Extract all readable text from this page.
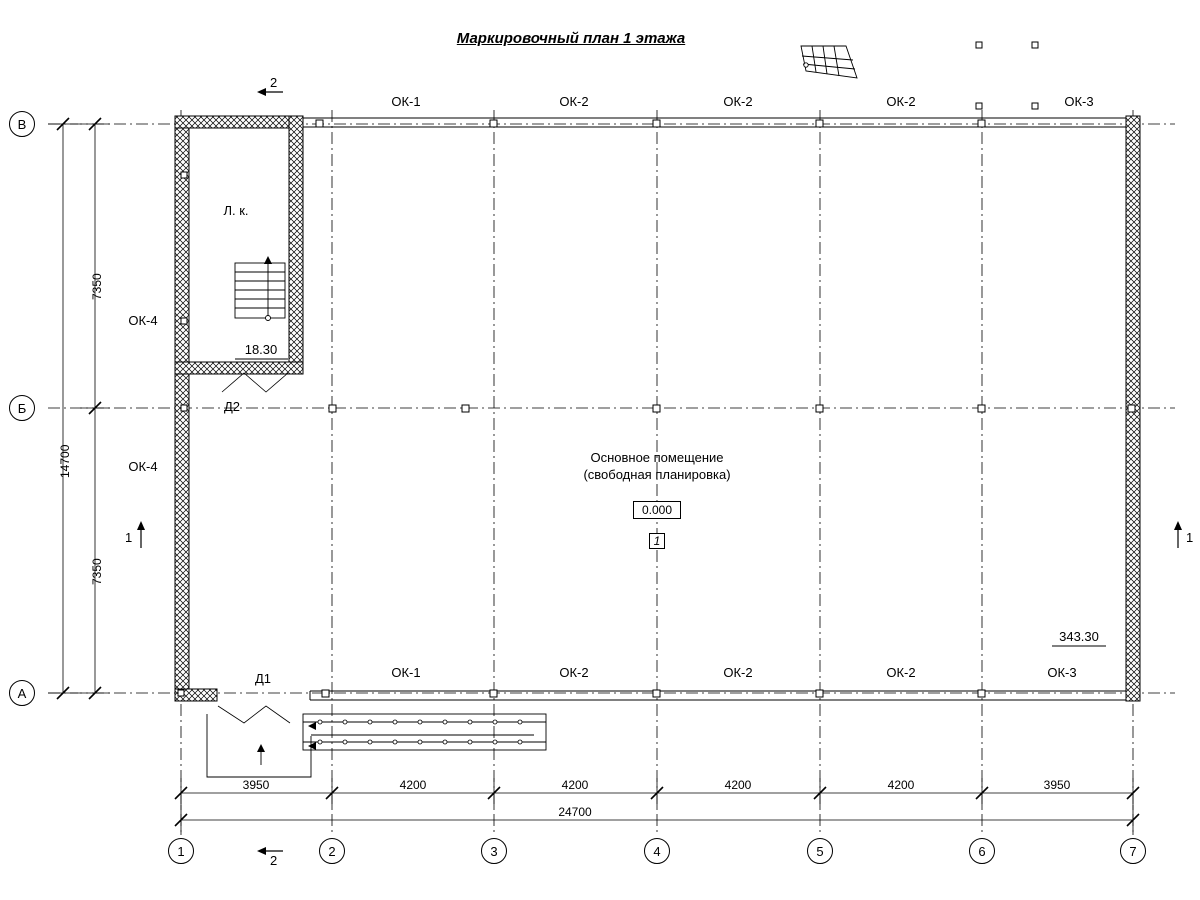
Маркировочный план 1 этажа
Основное помещение
(свободная планировка)
0.000
1
Л. к.
18.30
343.30
Д2
Д1
2
2
1	1
ОК-1	ОК-2	ОК-2	ОК-2	ОК-3
ОК-1	ОК-2	ОК-2	ОК-2	ОК-3
ОК-4
ОК-4
7350
14700
7350
3950	4200	4200	4200	4200	3950
24700
В
Б
А
1	2	3	4	5	6	7
